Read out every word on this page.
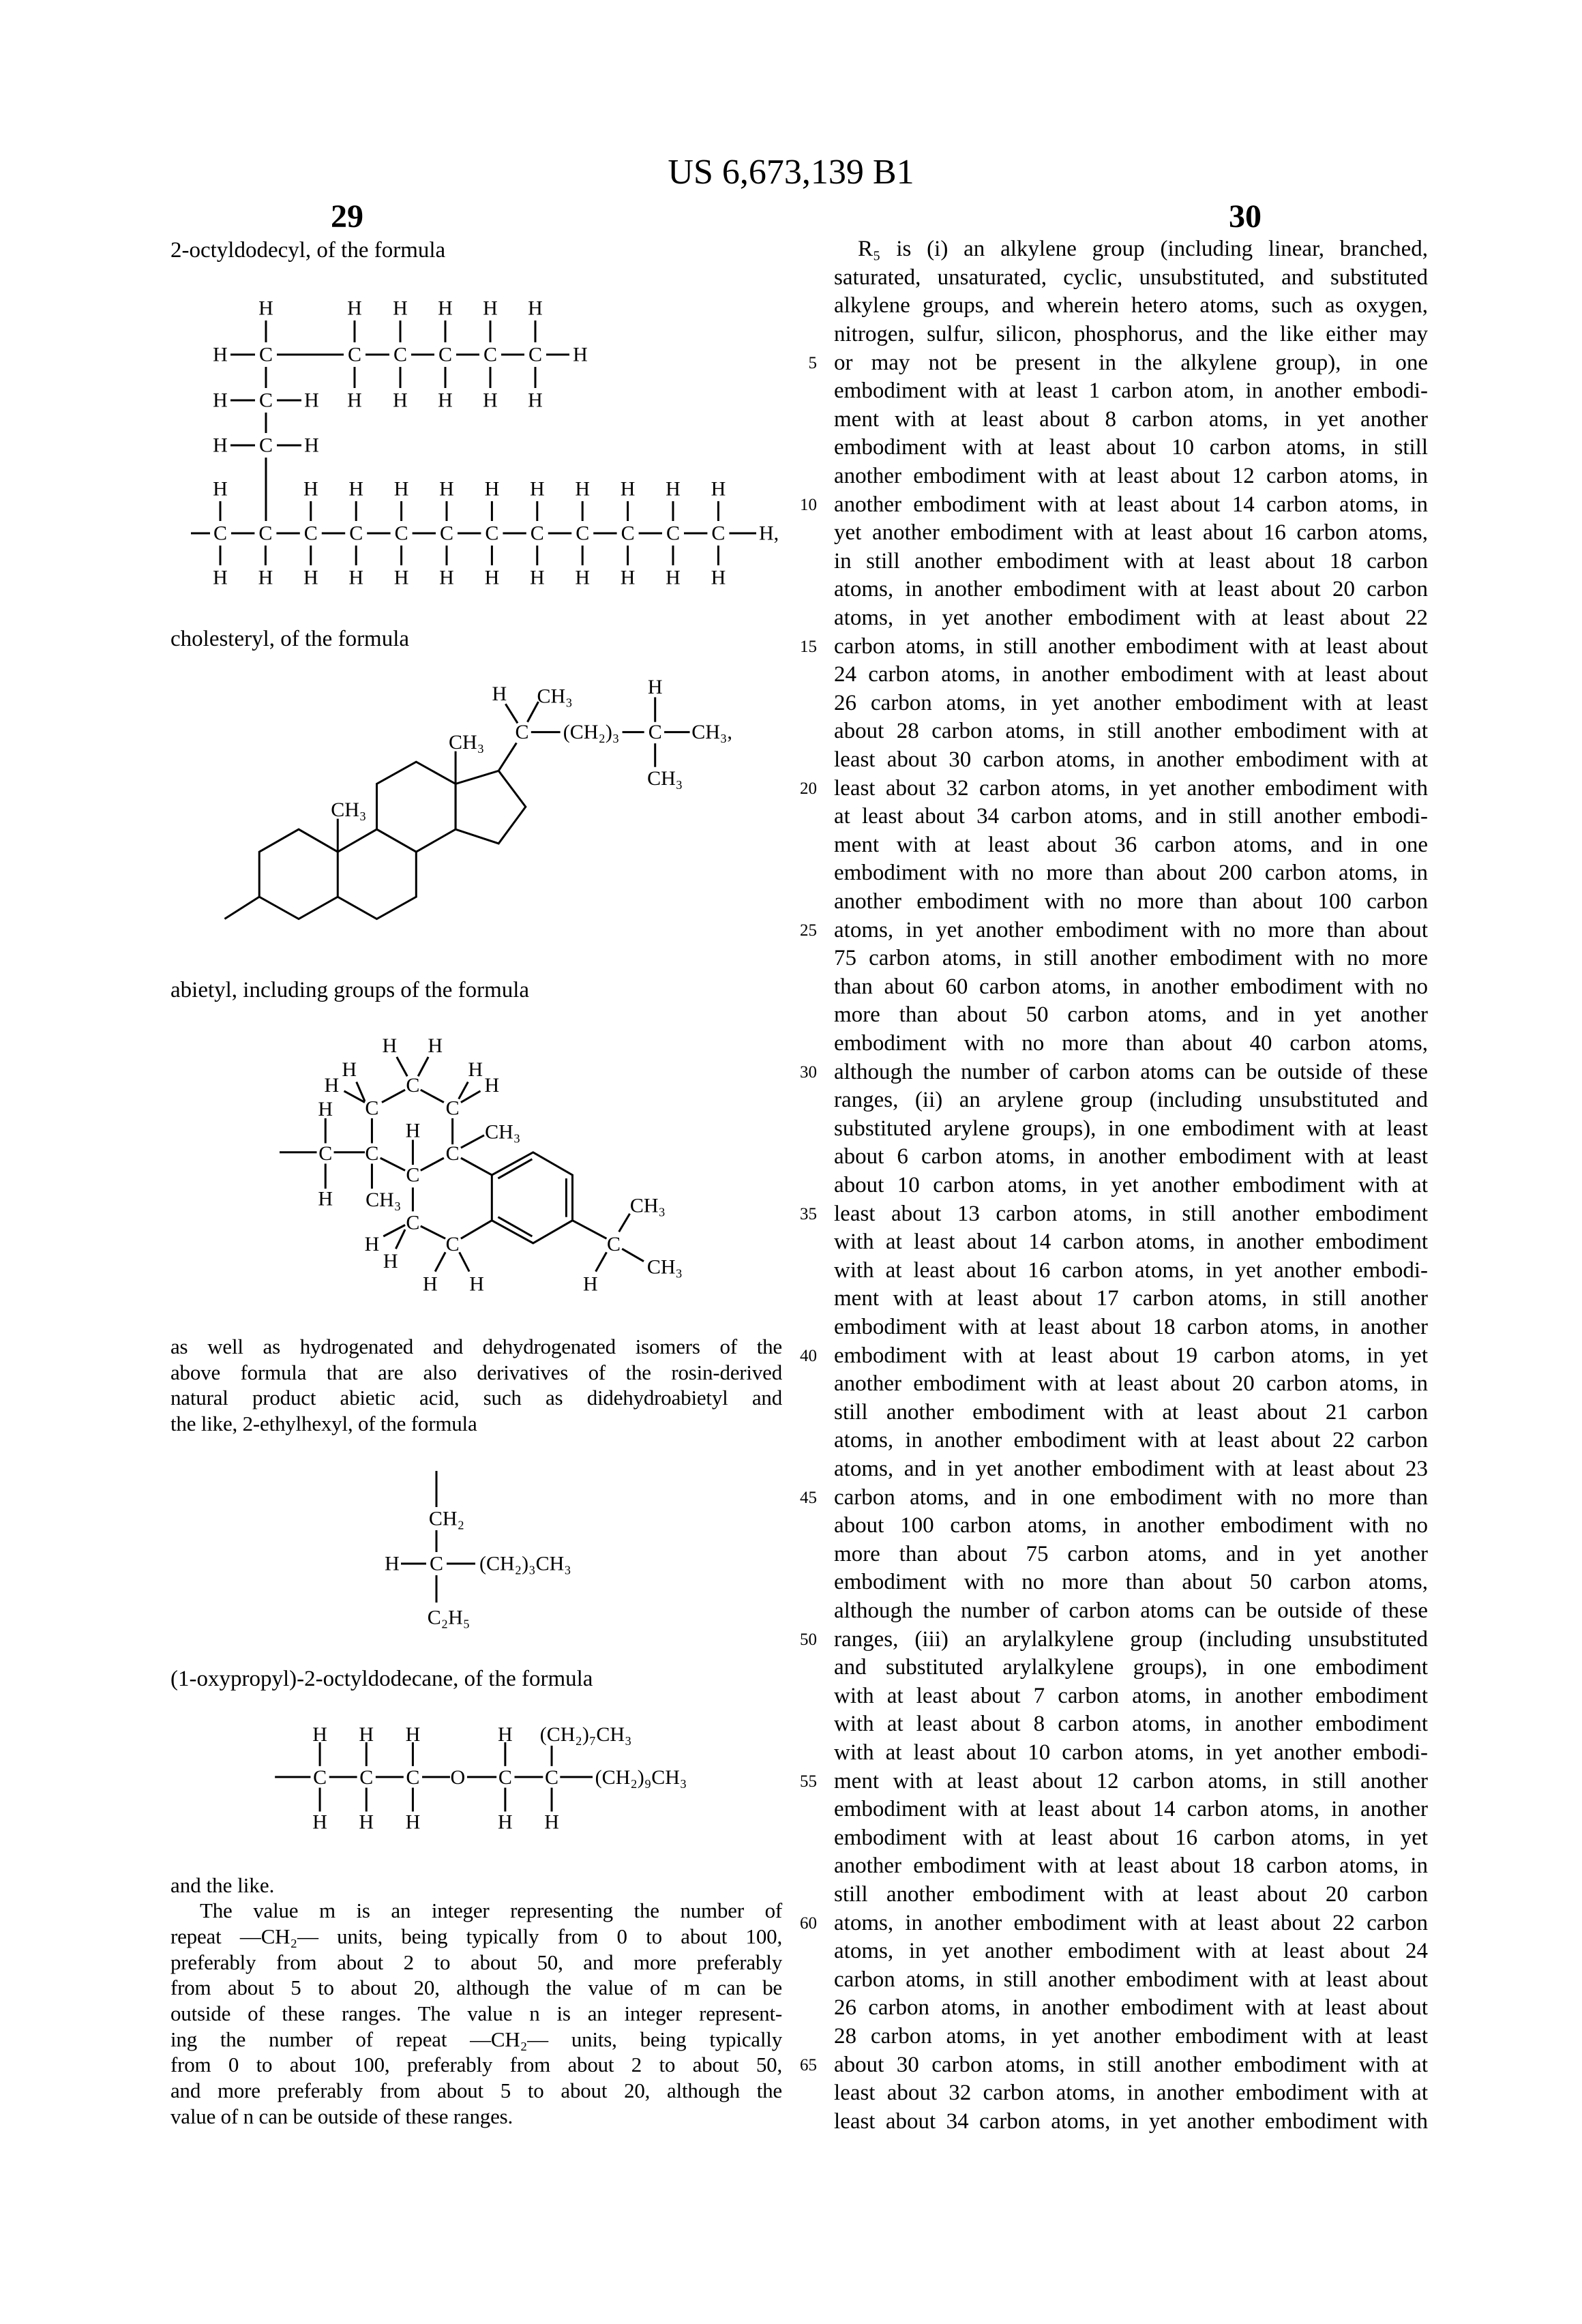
US 6,673,139 B1
29	30
2-octyldodecyl, of the formula
cholesteryl, of the formula
abietyl, including groups of the formula
(1-oxypropyl)-2-octyldodecane, of the formula
and the like.
as well as hydrogenated and dehydrogenated isomers of the
above formula that are also derivatives of the rosin-derived
natural product abietic acid, such as didehydroabietyl and
the like, 2-ethylhexyl, of the formula
The value m is an integer representing the number of
repeat —CH₂— units, being typically from 0 to about 100,
preferably from about 2 to about 50, and more preferably
from about 5 to about 20, although the value of m can be
outside of these ranges. The value n is an integer represent-
ing the number of repeat —CH₂— units, being typically
from 0 to about 100, preferably from about 2 to about 50,
and more preferably from about 5 to about 20, although the
value of n can be outside of these ranges.
R₅ is (i) an alkylene group (including linear, branched,
saturated, unsaturated, cyclic, unsubstituted, and substituted
alkylene groups, and wherein hetero atoms, such as oxygen,
nitrogen, sulfur, silicon, phosphorus, and the like either may
or may not be present in the alkylene group), in one
embodiment with at least 1 carbon atom, in another embodi-
ment with at least about 8 carbon atoms, in yet another
embodiment with at least about 10 carbon atoms, in still
another embodiment with at least about 12 carbon atoms, in
another embodiment with at least about 14 carbon atoms, in
yet another embodiment with at least about 16 carbon atoms,
in still another embodiment with at least about 18 carbon
atoms, in another embodiment with at least about 20 carbon
atoms, in yet another embodiment with at least about 22
carbon atoms, in still another embodiment with at least about
24 carbon atoms, in another embodiment with at least about
26 carbon atoms, in yet another embodiment with at least
about 28 carbon atoms, in still another embodiment with at
least about 30 carbon atoms, in another embodiment with at
least about 32 carbon atoms, in yet another embodiment with
at least about 34 carbon atoms, and in still another embodi-
ment with at least about 36 carbon atoms, and in one
embodiment with no more than about 200 carbon atoms, in
another embodiment with no more than about 100 carbon
atoms, in yet another embodiment with no more than about
75 carbon atoms, in still another embodiment with no more
than about 60 carbon atoms, in another embodiment with no
more than about 50 carbon atoms, and in yet another
embodiment with no more than about 40 carbon atoms,
although the number of carbon atoms can be outside of these
ranges, (ii) an arylene group (including unsubstituted and
substituted arylene groups), in one embodiment with at least
about 6 carbon atoms, in another embodiment with at least
about 10 carbon atoms, in yet another embodiment with at
least about 13 carbon atoms, in still another embodiment
with at least about 14 carbon atoms, in another embodiment
with at least about 16 carbon atoms, in yet another embodi-
ment with at least about 17 carbon atoms, in still another
embodiment with at least about 18 carbon atoms, in another
embodiment with at least about 19 carbon atoms, in yet
another embodiment with at least about 20 carbon atoms, in
still another embodiment with at least about 21 carbon
atoms, in another embodiment with at least about 22 carbon
atoms, and in yet another embodiment with at least about 23
carbon atoms, and in one embodiment with no more than
about 100 carbon atoms, in another embodiment with no
more than about 75 carbon atoms, and in yet another
embodiment with no more than about 50 carbon atoms,
although the number of carbon atoms can be outside of these
ranges, (iii) an arylalkylene group (including unsubstituted
and substituted arylalkylene groups), in one embodiment
with at least about 7 carbon atoms, in another embodiment
with at least about 8 carbon atoms, in another embodiment
with at least about 10 carbon atoms, in yet another embodi-
ment with at least about 12 carbon atoms, in still another
embodiment with at least about 14 carbon atoms, in another
embodiment with at least about 16 carbon atoms, in yet
another embodiment with at least about 18 carbon atoms, in
still another embodiment with at least about 20 carbon
atoms, in another embodiment with at least about 22 carbon
atoms, in yet another embodiment with at least about 24
carbon atoms, in still another embodiment with at least about
26 carbon atoms, in another embodiment with at least about
28 carbon atoms, in yet another embodiment with at least
about 30 carbon atoms, in still another embodiment with at
least about 32 carbon atoms, in another embodiment with at
least about 34 carbon atoms, in yet another embodiment with
5
10
15
20
25
30
35
40
45
50
55
60
65
H C
H
C
H
H
C
H
H
C
H
H
C
H
H
C
H
H
H
H C H
H C H
C
H
H
C
H
C
H
H
C
H
H
C
H
H
C
H
H
C
H
H
C
H
H
C
H
H
C
H
H
C
H
H
C
H
H
H,
H CH₃
C (CH₂)₃ C CH₃,
H
CH₃
CH₃
CH₃
H H
H	H
H	C	H
C	C
H
H	CH₃
C C	C
C
H CH₃	CH₃
C
H	C	C
H	CH₃
H H	H
CH₂
H C (CH₂)₃CH₃
C₂H₅
H H H	H (CH₂)₇CH₃
C C C O C C (CH₂)₉CH₃
H H H	H H
